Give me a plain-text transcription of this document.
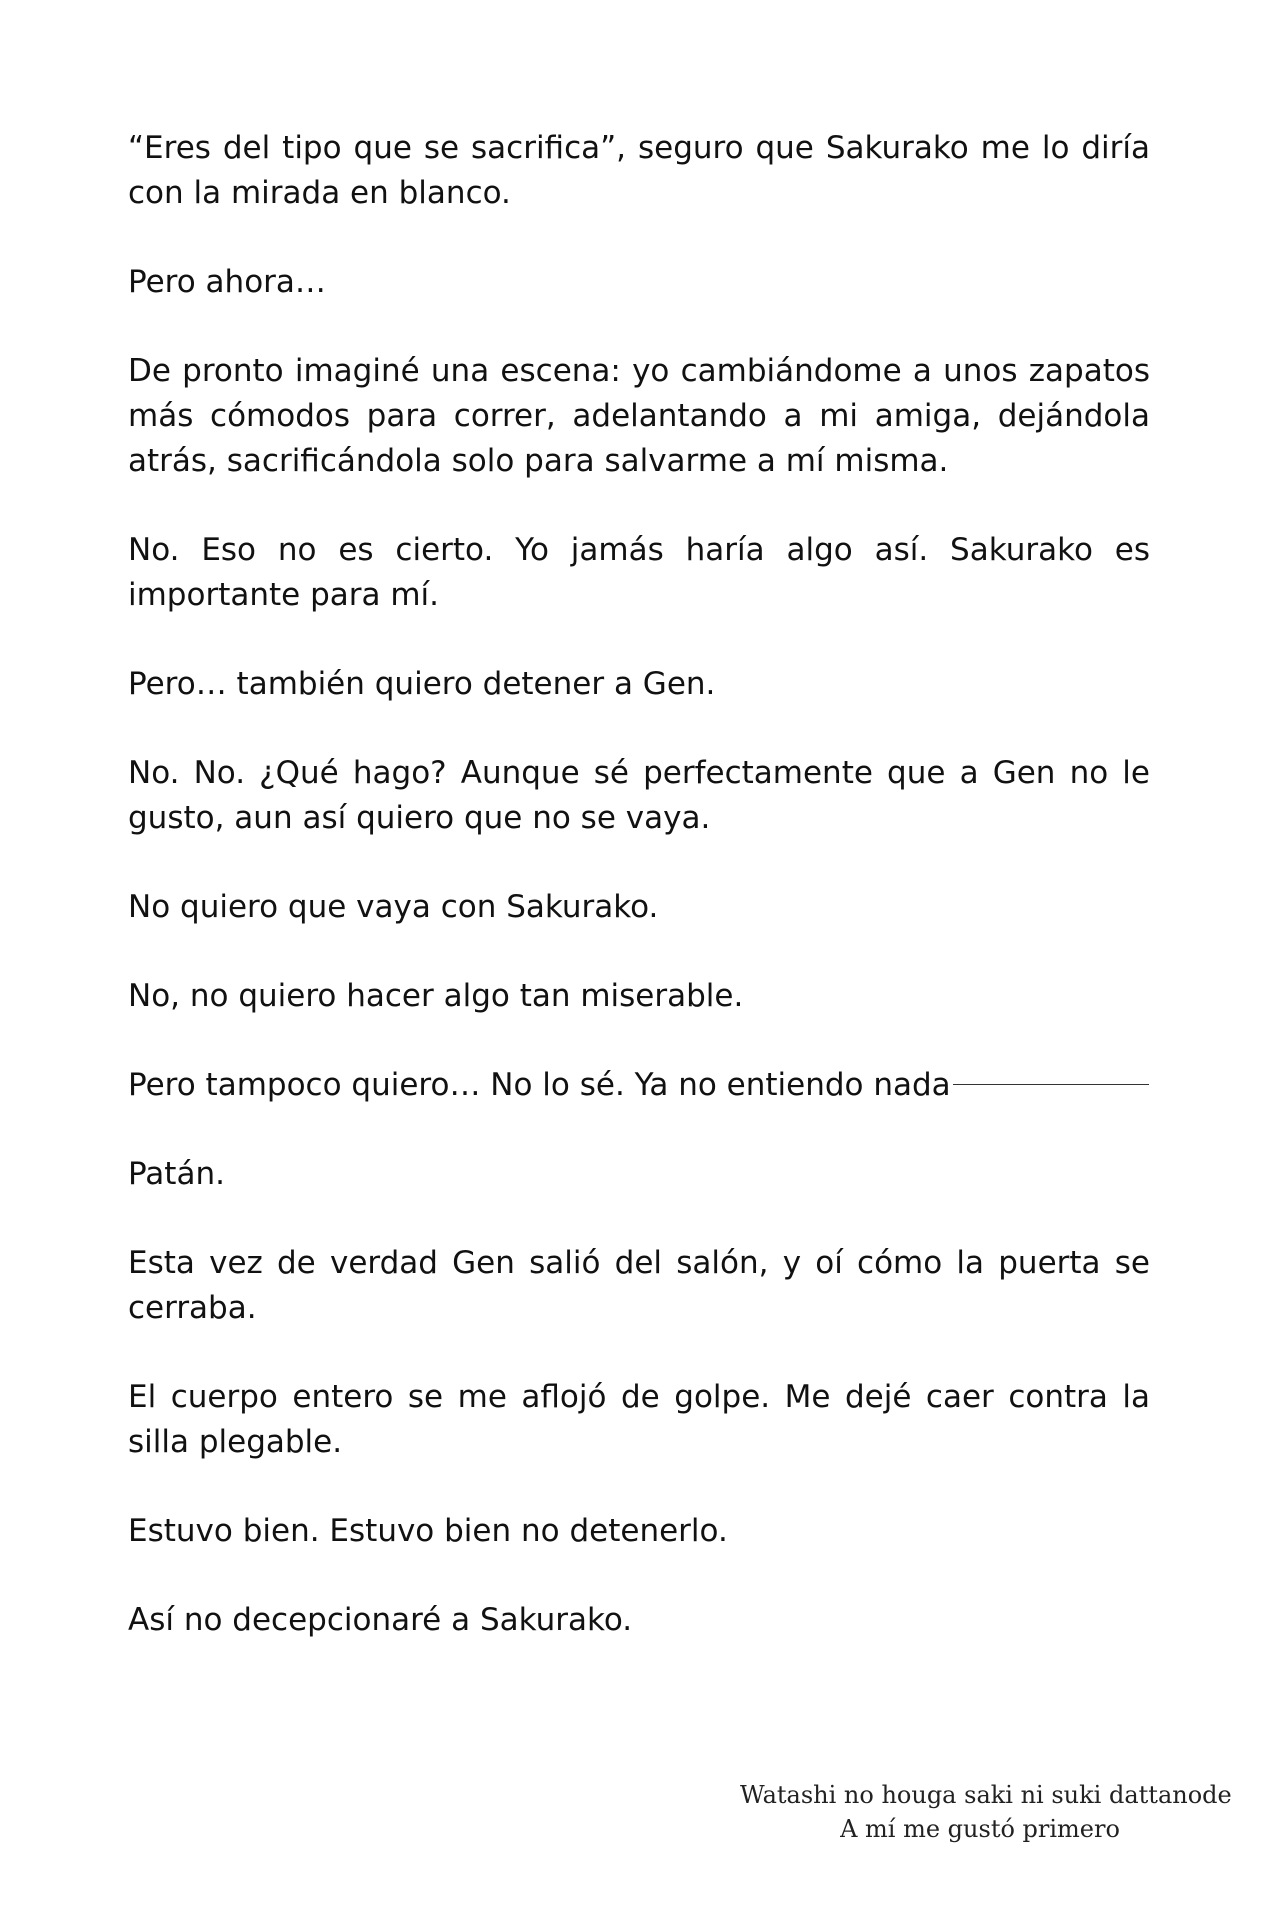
“Eres del tipo que se sacrifica”, seguro que Sakurako me lo diría con la mirada en blanco.

Pero ahora…

De pronto imaginé una escena: yo cambiándome a unos zapatos más cómodos para correr, adelantando a mi amiga, dejándola atrás, sacrificándola solo para salvarme a mí misma.

No. Eso no es cierto. Yo jamás haría algo así. Sakurako es importante para mí.

Pero… también quiero detener a Gen.

No. No. ¿Qué hago? Aunque sé perfectamente que a Gen no le gusto, aun así quiero que no se vaya.

No quiero que vaya con Sakurako.

No, no quiero hacer algo tan miserable.

Pero tampoco quiero… No lo sé. Ya no entiendo nada

Patán.

Esta vez de verdad Gen salió del salón, y oí cómo la puerta se cerraba.

El cuerpo entero se me aflojó de golpe. Me dejé caer contra la silla plegable.

Estuvo bien. Estuvo bien no detenerlo.

Así no decepcionaré a Sakurako.

Watashi no houga saki ni suki dattanode
A mí me gustó primero
